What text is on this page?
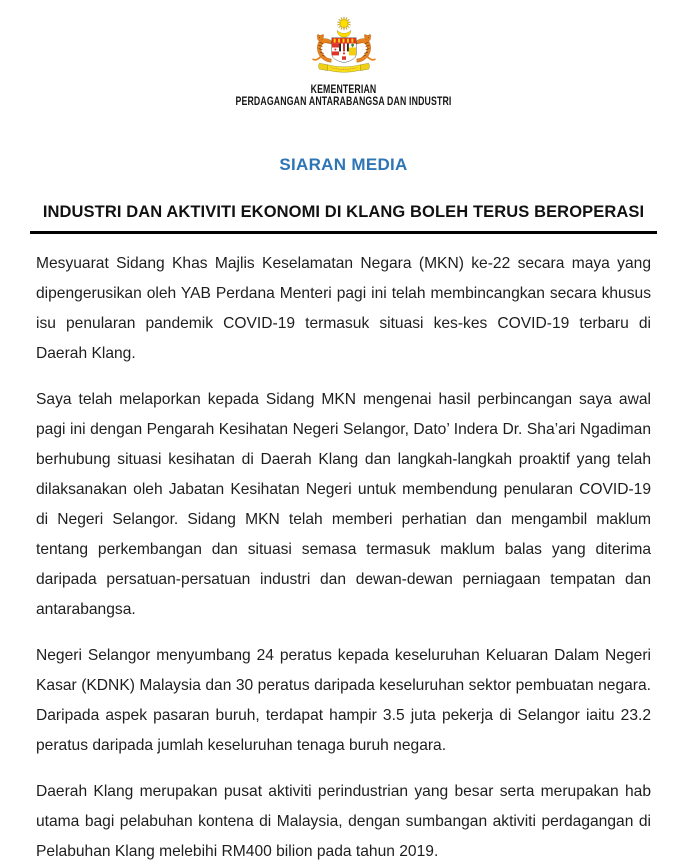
KEMENTERIAN
PERDAGANGAN ANTARABANGSA DAN INDUSTRI
SIARAN MEDIA
INDUSTRI DAN AKTIVITI EKONOMI DI KLANG BOLEH TERUS BEROPERASI

Mesyuarat Sidang Khas Majlis Keselamatan Negara (MKN) ke-22 secara maya yang dipengerusikan oleh YAB Perdana Menteri pagi ini telah membincangkan secara khusus isu penularan pandemik COVID-19 termasuk situasi kes-kes COVID-19 terbaru di Daerah Klang.

Saya telah melaporkan kepada Sidang MKN mengenai hasil perbincangan saya awal pagi ini dengan Pengarah Kesihatan Negeri Selangor, Dato’ Indera Dr. Sha’ari Ngadiman berhubung situasi kesihatan di Daerah Klang dan langkah-langkah proaktif yang telah dilaksanakan oleh Jabatan Kesihatan Negeri untuk membendung penularan COVID-19 di Negeri Selangor. Sidang MKN telah memberi perhatian dan mengambil maklum tentang perkembangan dan situasi semasa termasuk maklum balas yang diterima daripada persatuan-persatuan industri dan dewan-dewan perniagaan tempatan dan antarabangsa.

Negeri Selangor menyumbang 24 peratus kepada keseluruhan Keluaran Dalam Negeri Kasar (KDNK) Malaysia dan 30 peratus daripada keseluruhan sektor pembuatan negara. Daripada aspek pasaran buruh, terdapat hampir 3.5 juta pekerja di Selangor iaitu 23.2 peratus daripada jumlah keseluruhan tenaga buruh negara.

Daerah Klang merupakan pusat aktiviti perindustrian yang besar serta merupakan hab utama bagi pelabuhan kontena di Malaysia, dengan sumbangan aktiviti perdagangan di Pelabuhan Klang melebihi RM400 bilion pada tahun 2019.
